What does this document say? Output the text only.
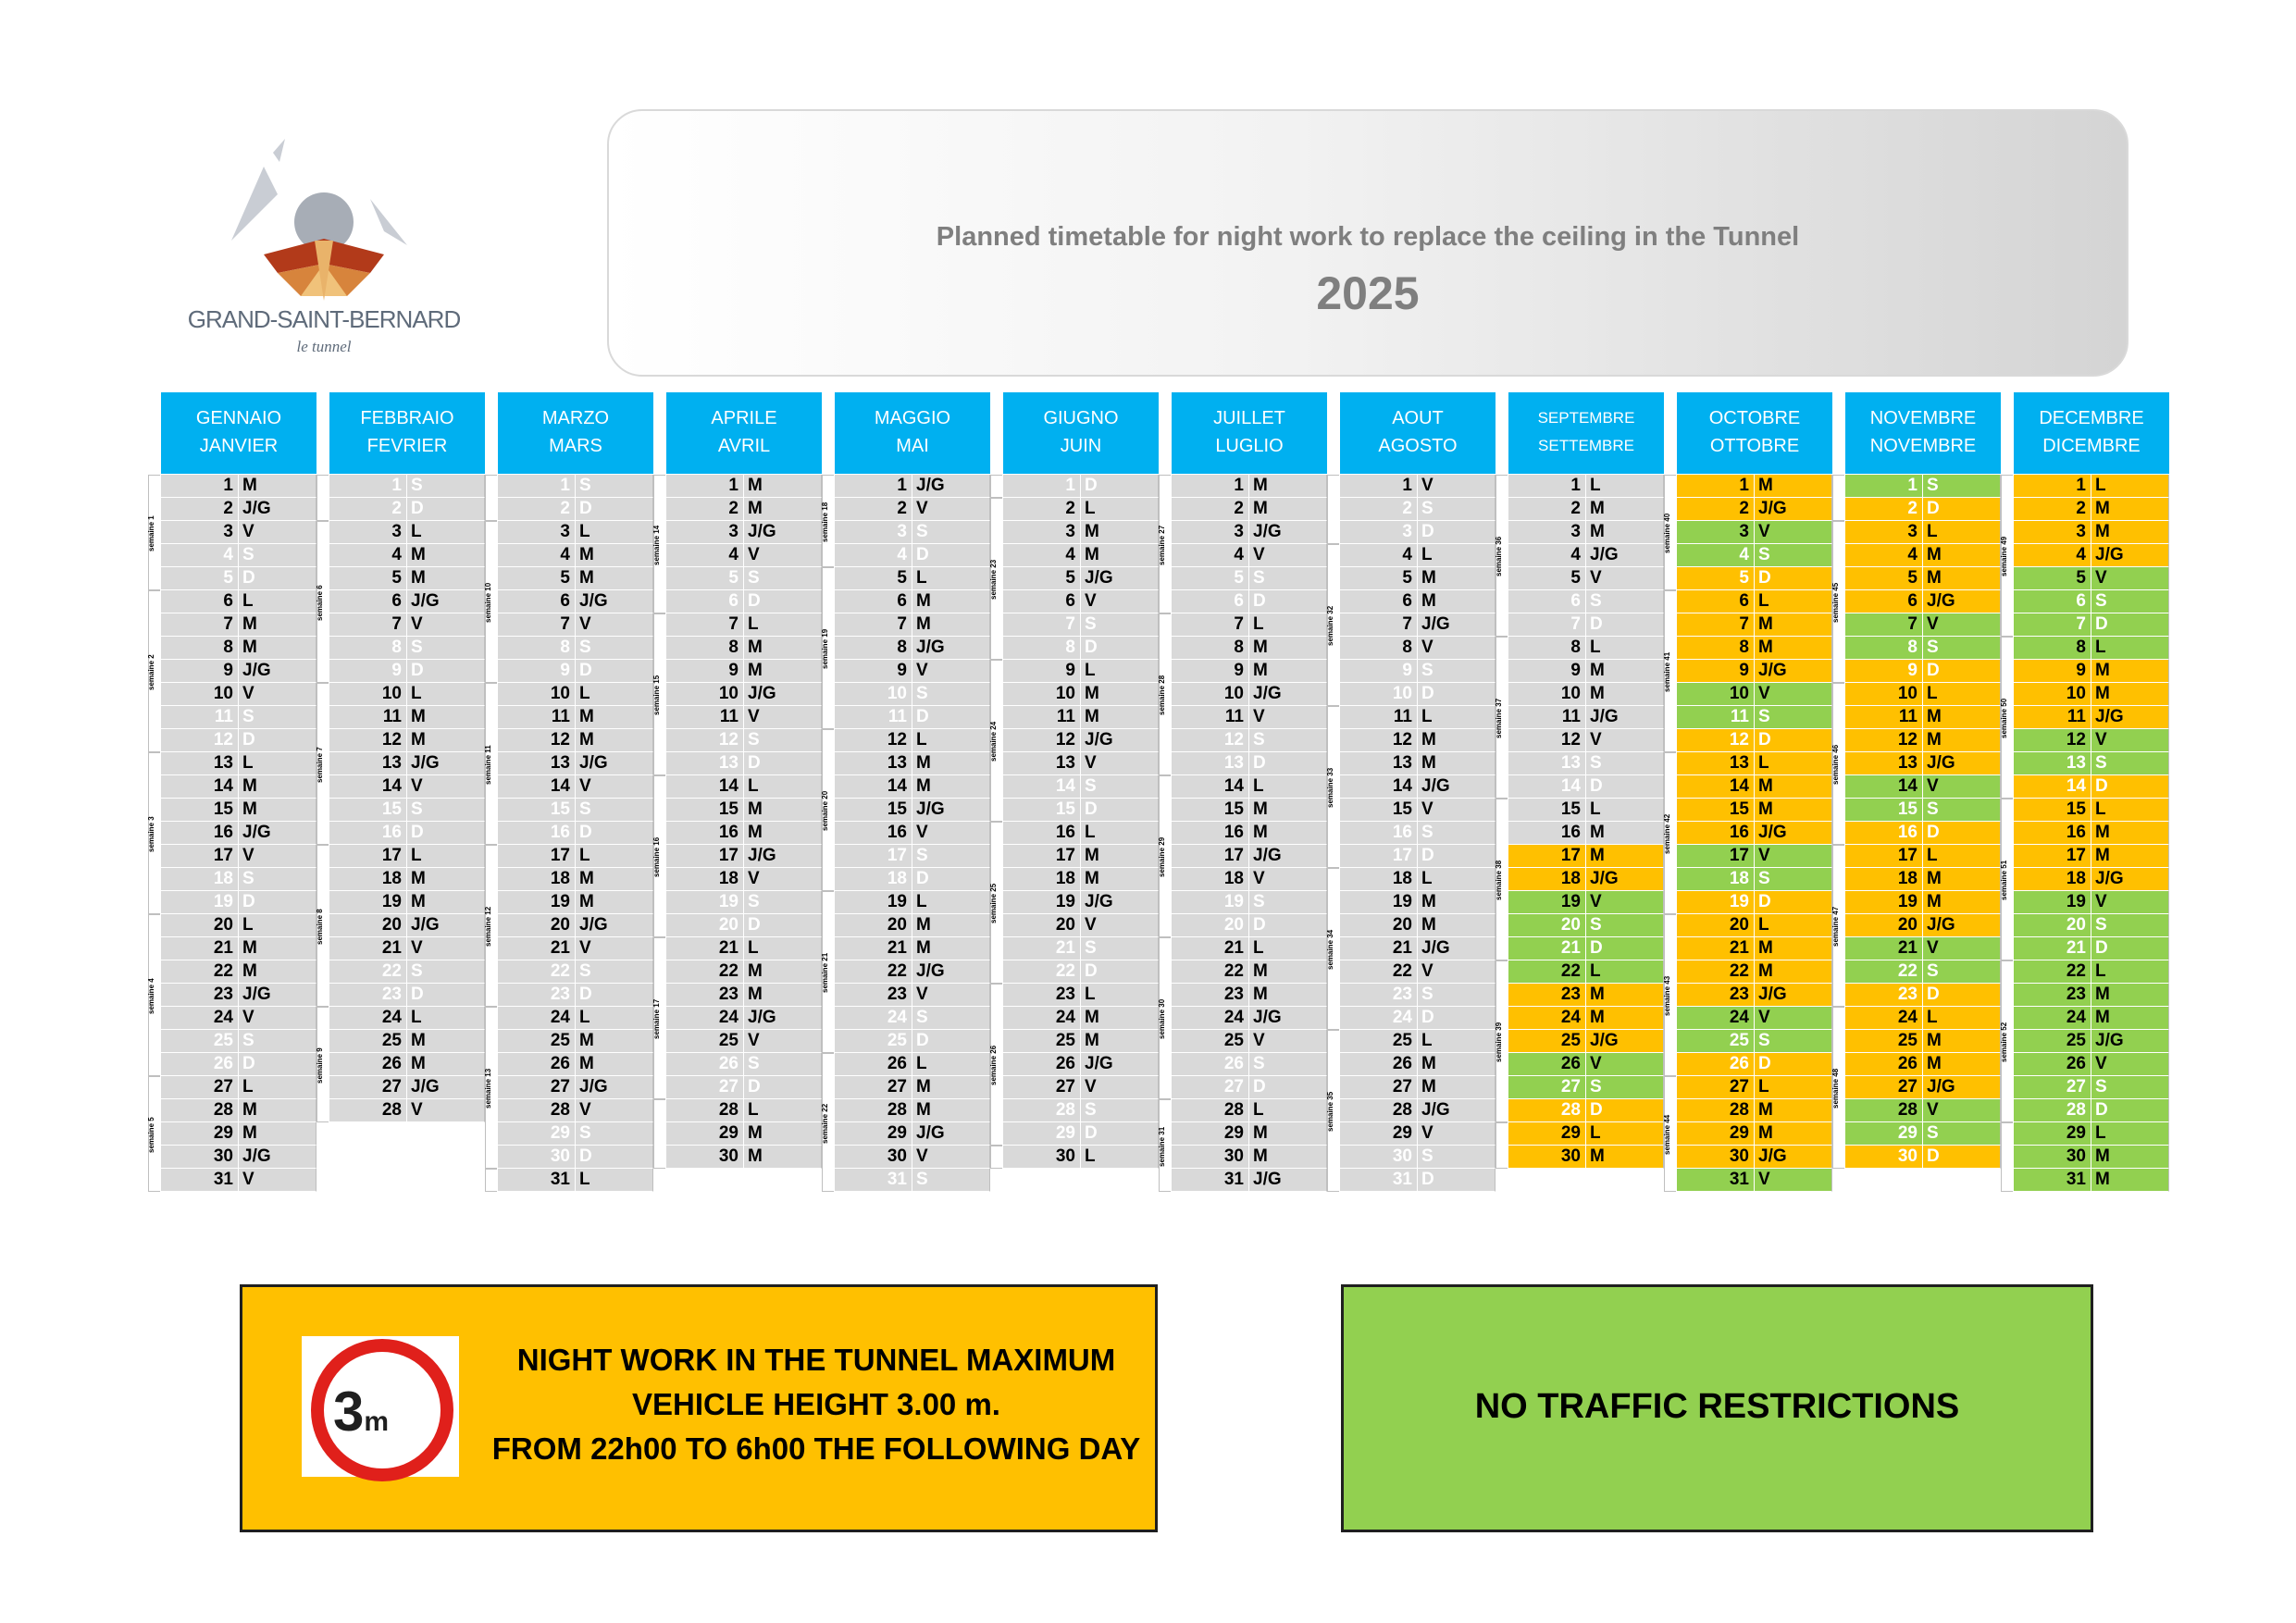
GRAND-SAINT-BERNARD
le tunnel
Planned timetable for night work to replace the ceiling in the Tunnel
2025
GENNAIO
JANVIER
1 M
2 J/G
3 V
4 S
5 D
semaine 1
6 L
7 M
8 M
9 J/G
10 V
11 S
12 D
semaine 2
13 L
14 M
15 M
16 J/G
17 V
18 S
19 D
semaine 3
20 L
21 M
22 M
23 J/G
24 V
25 S
26 D
semaine 4
27 L
28 M
29 M
30 J/G
31 V
semaine 5
FEBBRAIO
FEVRIER
1 S
2 D
3 L
4 M
5 M
6 J/G
7 V
8 S
9 D
semaine 6
10 L
11 M
12 M
13 J/G
14 V
15 S
16 D
semaine 7
17 L
18 M
19 M
20 J/G
21 V
22 S
23 D
semaine 8
24 L
25 M
26 M
27 J/G
28 V
semaine 9
MARZO
MARS
1 S
2 D
3 L
4 M
5 M
6 J/G
7 V
8 S
9 D
semaine 10
10 L
11 M
12 M
13 J/G
14 V
15 S
16 D
semaine 11
17 L
18 M
19 M
20 J/G
21 V
22 S
23 D
semaine 12
24 L
25 M
26 M
27 J/G
28 V
29 S
30 D
semaine 13
31 L
APRILE
AVRIL
1 M
2 M
3 J/G
4 V
5 S
6 D
semaine 14
7 L
8 M
9 M
10 J/G
11 V
12 S
13 D
semaine 15
14 L
15 M
16 M
17 J/G
18 V
19 S
20 D
semaine 16
21 L
22 M
23 M
24 J/G
25 V
26 S
27 D
semaine 17
28 L
29 M
30 M
MAGGIO
MAI
1 J/G
2 V
3 S
4 D
semaine 18
5 L
6 M
7 M
8 J/G
9 V
10 S
11 D
semaine 19
12 L
13 M
14 M
15 J/G
16 V
17 S
18 D
semaine 20
19 L
20 M
21 M
22 J/G
23 V
24 S
25 D
semaine 21
26 L
27 M
28 M
29 J/G
30 V
31 S
semaine 22
GIUGNO
JUIN
1 D
2 L
3 M
4 M
5 J/G
6 V
7 S
8 D
semaine 23
9 L
10 M
11 M
12 J/G
13 V
14 S
15 D
semaine 24
16 L
17 M
18 M
19 J/G
20 V
21 S
22 D
semaine 25
23 L
24 M
25 M
26 J/G
27 V
28 S
29 D
semaine 26
30 L
JUILLET
LUGLIO
1 M
2 M
3 J/G
4 V
5 S
6 D
semaine 27
7 L
8 M
9 M
10 J/G
11 V
12 S
13 D
semaine 28
14 L
15 M
16 M
17 J/G
18 V
19 S
20 D
semaine 29
21 L
22 M
23 M
24 J/G
25 V
26 S
27 D
semaine 30
28 L
29 M
30 M
31 J/G
semaine 31
AOUT
AGOSTO
1 V
2 S
3 D
4 L
5 M
6 M
7 J/G
8 V
9 S
10 D
semaine 32
11 L
12 M
13 M
14 J/G
15 V
16 S
17 D
semaine 33
18 L
19 M
20 M
21 J/G
22 V
23 S
24 D
semaine 34
25 L
26 M
27 M
28 J/G
29 V
30 S
31 D
semaine 35
SEPTEMBRE
SETTEMBRE
1 L
2 M
3 M
4 J/G
5 V
6 S
7 D
semaine 36
8 L
9 M
10 M
11 J/G
12 V
13 S
14 D
semaine 37
15 L
16 M
17 M
18 J/G
19 V
20 S
21 D
semaine 38
22 L
23 M
24 M
25 J/G
26 V
27 S
28 D
semaine 39
29 L
30 M
OCTOBRE
OTTOBRE
1 M
2 J/G
3 V
4 S
5 D
semaine 40
6 L
7 M
8 M
9 J/G
10 V
11 S
12 D
semaine 41
13 L
14 M
15 M
16 J/G
17 V
18 S
19 D
semaine 42
20 L
21 M
22 M
23 J/G
24 V
25 S
26 D
semaine 43
27 L
28 M
29 M
30 J/G
31 V
semaine 44
NOVEMBRE
NOVEMBRE
1 S
2 D
3 L
4 M
5 M
6 J/G
7 V
8 S
9 D
semaine 45
10 L
11 M
12 M
13 J/G
14 V
15 S
16 D
semaine 46
17 L
18 M
19 M
20 J/G
21 V
22 S
23 D
semaine 47
24 L
25 M
26 M
27 J/G
28 V
29 S
30 D
semaine 48
DECEMBRE
DICEMBRE
1 L
2 M
3 M
4 J/G
5 V
6 S
7 D
semaine 49
8 L
9 M
10 M
11 J/G
12 V
13 S
14 D
semaine 50
15 L
16 M
17 M
18 J/G
19 V
20 S
21 D
semaine 51
22 L
23 M
24 M
25 J/G
26 V
27 S
28 D
semaine 52
29 L
30 M
31 M
3m
NIGHT WORK IN THE TUNNEL MAXIMUM
VEHICLE HEIGHT 3.00 m.
FROM 22h00 TO 6h00 THE FOLLOWING DAY
NO TRAFFIC RESTRICTIONS
